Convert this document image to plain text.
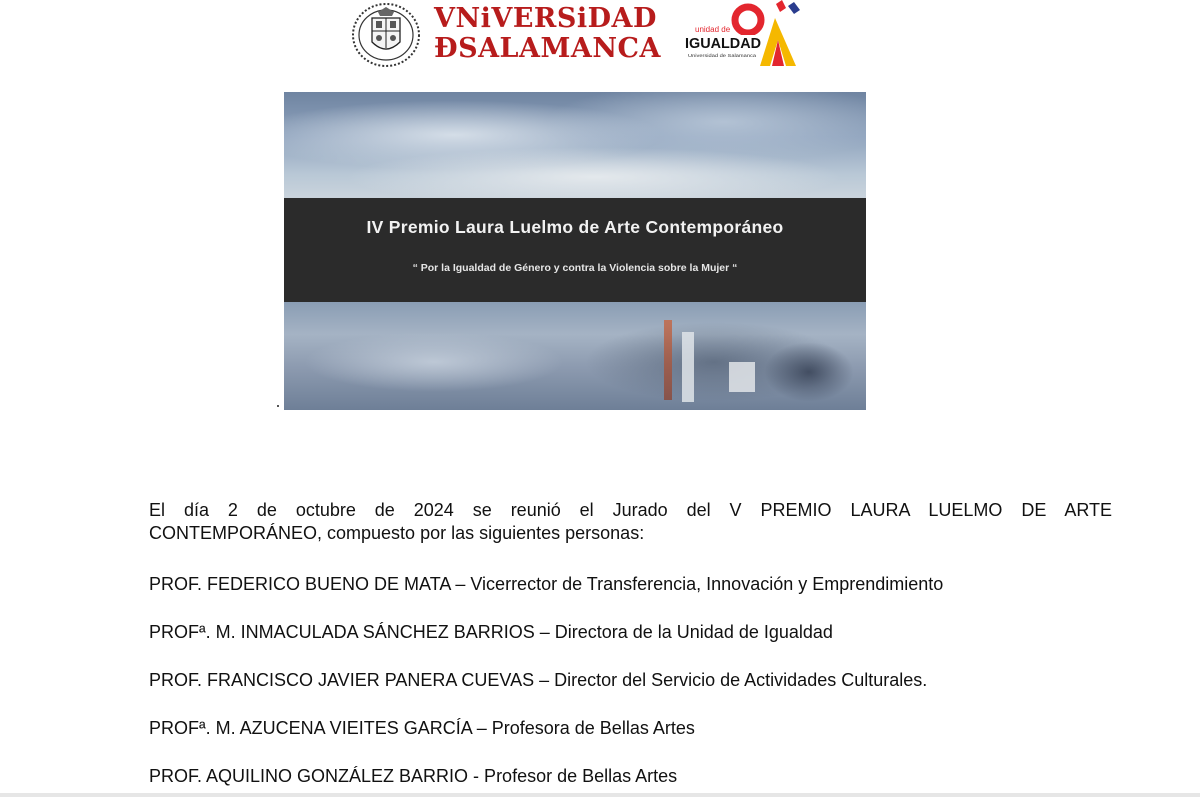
VNiVERSiDAD
ÐSALAMANCA
unidad de
IGUALDAD
Universidad de Salamanca
IV Premio Laura Luelmo de Arte Contemporáneo
“ Por la Igualdad de Género y contra la Violencia sobre la Mujer “
El día 2 de octubre de 2024 se reunió el Jurado del V PREMIO LAURA LUELMO DE ARTE
CONTEMPORÁNEO, compuesto por las siguientes personas:
PROF. FEDERICO BUENO DE MATA – Vicerrector de Transferencia, Innovación y Emprendimiento
PROFª. M. INMACULADA SÁNCHEZ BARRIOS – Directora de la Unidad de Igualdad
PROF. FRANCISCO JAVIER PANERA CUEVAS – Director del Servicio de Actividades Culturales.
PROFª. M. AZUCENA VIEITES GARCÍA – Profesora de Bellas Artes
PROF. AQUILINO GONZÁLEZ BARRIO - Profesor de Bellas Artes
